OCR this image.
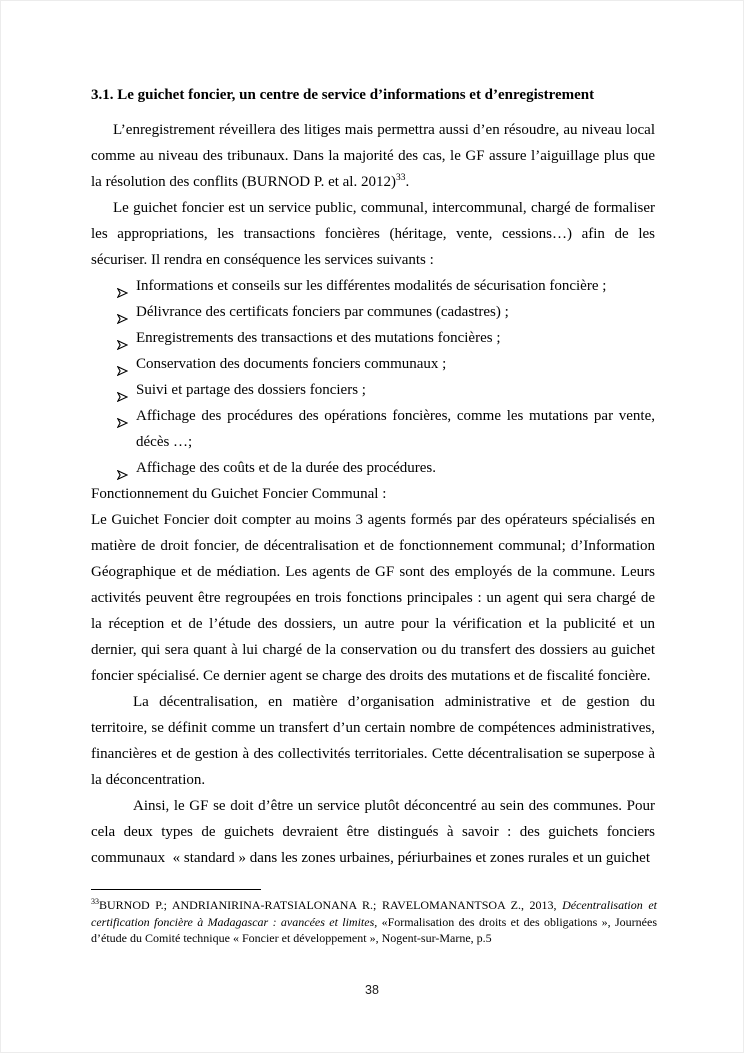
3.1. Le guichet foncier, un centre de service d’informations et d’enregistrement

L’enregistrement réveillera des litiges mais permettra aussi d’en résoudre, au niveau local comme au niveau des tribunaux. Dans la majorité des cas, le GF assure l’aiguillage plus que la résolution des conflits (BURNOD P. et al. 2012)$^{33}$.

Le guichet foncier est un service public, communal, intercommunal, chargé de formaliser les appropriations, les transactions foncières (héritage, vente, cessions…) afin de les sécuriser. Il rendra en conséquence les services suivants :

Informations et conseils sur les différentes modalités de sécurisation foncière ;
Délivrance des certificats fonciers par communes (cadastres) ;
Enregistrements des transactions et des mutations foncières ;
Conservation des documents fonciers communaux ;
Suivi et partage des dossiers fonciers ;
Affichage des procédures des opérations foncières, comme les mutations par vente, décès …;
Affichage des coûts et de la durée des procédures.

Fonctionnement du Guichet Foncier Communal :

Le Guichet Foncier doit compter au moins 3 agents formés par des opérateurs spécialisés en matière de droit foncier, de décentralisation et de fonctionnement communal; d’Information Géographique et de médiation. Les agents de GF sont des employés de la commune. Leurs activités peuvent être regroupées en trois fonctions principales : un agent qui sera chargé de la réception et de l’étude des dossiers, un autre pour la vérification et la publicité et un dernier, qui sera quant à lui chargé de la conservation ou du transfert des dossiers au guichet foncier spécialisé. Ce dernier agent se charge des droits des mutations et de fiscalité foncière.

La décentralisation, en matière d’organisation administrative et de gestion du territoire, se définit comme un transfert d’un certain nombre de compétences administratives, financières et de gestion à des collectivités territoriales. Cette décentralisation se superpose à la déconcentration.

Ainsi, le GF se doit d’être un service plutôt déconcentré au sein des communes. Pour cela deux types de guichets devraient être distingués à savoir : des guichets fonciers communaux  « standard » dans les zones urbaines, périurbaines et zones rurales et un guichet

$^{33}$BURNOD P.; ANDRIANIRINA-RATSIALONANA R.; RAVELOMANANTSOA Z., 2013, Décentralisation et certification foncière à Madagascar : avancées et limites, «Formalisation des droits et des obligations », Journées d’étude du Comité technique « Foncier et développement », Nogent-sur-Marne, p.5

38
